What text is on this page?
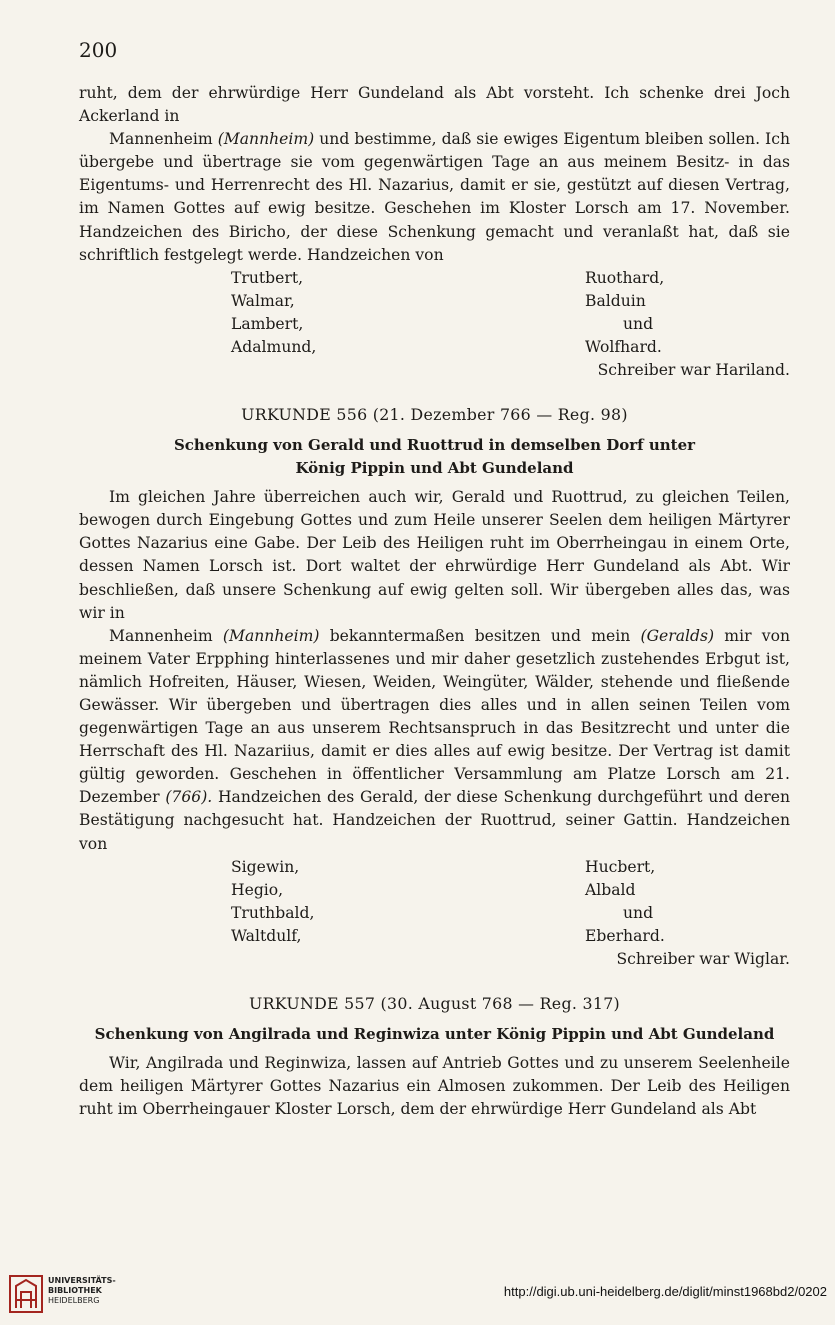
200

ruht, dem der ehrwürdige Herr Gundeland als Abt vorsteht. Ich schenke drei Joch Ackerland in

Mannenheim (Mannheim) und bestimme, daß sie ewiges Eigentum bleiben sollen. Ich übergebe und übertrage sie vom gegenwärtigen Tage an aus meinem Besitz- in das Eigentums- und Herrenrecht des Hl. Nazarius, damit er sie, gestützt auf diesen Vertrag, im Namen Gottes auf ewig besitze. Geschehen im Kloster Lorsch am 17. November. Handzeichen des Biricho, der diese Schenkung gemacht und veranlaßt hat, daß sie schriftlich festgelegt werde. Handzeichen von

Trutbert,
Walmar,
Lambert,
Adalmund,
Ruothard,
Balduin
und
Wolfhard.

Schreiber war Hariland.

URKUNDE 556 (21. Dezember 766 — Reg. 98)

Schenkung von Gerald und Ruottrud in demselben Dorf unter

König Pippin und Abt Gundeland

Im gleichen Jahre überreichen auch wir, Gerald und Ruottrud, zu gleichen Teilen, bewogen durch Eingebung Gottes und zum Heile unserer Seelen dem heiligen Märtyrer Gottes Nazarius eine Gabe. Der Leib des Heiligen ruht im Oberrheingau in einem Orte, dessen Namen Lorsch ist. Dort waltet der ehrwürdige Herr Gundeland als Abt. Wir beschließen, daß unsere Schenkung auf ewig gelten soll. Wir übergeben alles das, was wir in

Mannenheim (Mannheim) bekanntermaßen besitzen und mein (Geralds) mir von meinem Vater Erpphing hinterlassenes und mir daher gesetzlich zustehendes Erbgut ist, nämlich Hofreiten, Häuser, Wiesen, Weiden, Weingüter, Wälder, stehende und fließende Gewässer. Wir übergeben und übertragen dies alles und in allen seinen Teilen vom gegenwärtigen Tage an aus unserem Rechtsanspruch in das Besitzrecht und unter die Herrschaft des Hl. Nazariius, damit er dies alles auf ewig besitze. Der Vertrag ist damit gültig geworden. Geschehen in öffentlicher Versammlung am Platze Lorsch am 21. Dezember (766). Handzeichen des Gerald, der diese Schenkung durchgeführt und deren Bestätigung nachgesucht hat. Handzeichen der Ruottrud, seiner Gattin. Handzeichen von

Sigewin,
Hegio,
Truthbald,
Waltdulf,
Hucbert,
Albald
und
Eberhard.

Schreiber war Wiglar.

URKUNDE 557 (30. August 768 — Reg. 317)

Schenkung von Angilrada und Reginwiza unter König Pippin und Abt Gundeland

Wir, Angilrada und Reginwiza, lassen auf Antrieb Gottes und zu unserem Seelenheile dem heiligen Märtyrer Gottes Nazarius ein Almosen zukommen. Der Leib des Heiligen ruht im Oberrheingauer Kloster Lorsch, dem der ehrwürdige Herr Gundeland als Abt

UNIVERSITÄTS-
BIBLIOTHEK
HEIDELBERG
http://digi.ub.uni-heidelberg.de/diglit/minst1968bd2/0202
